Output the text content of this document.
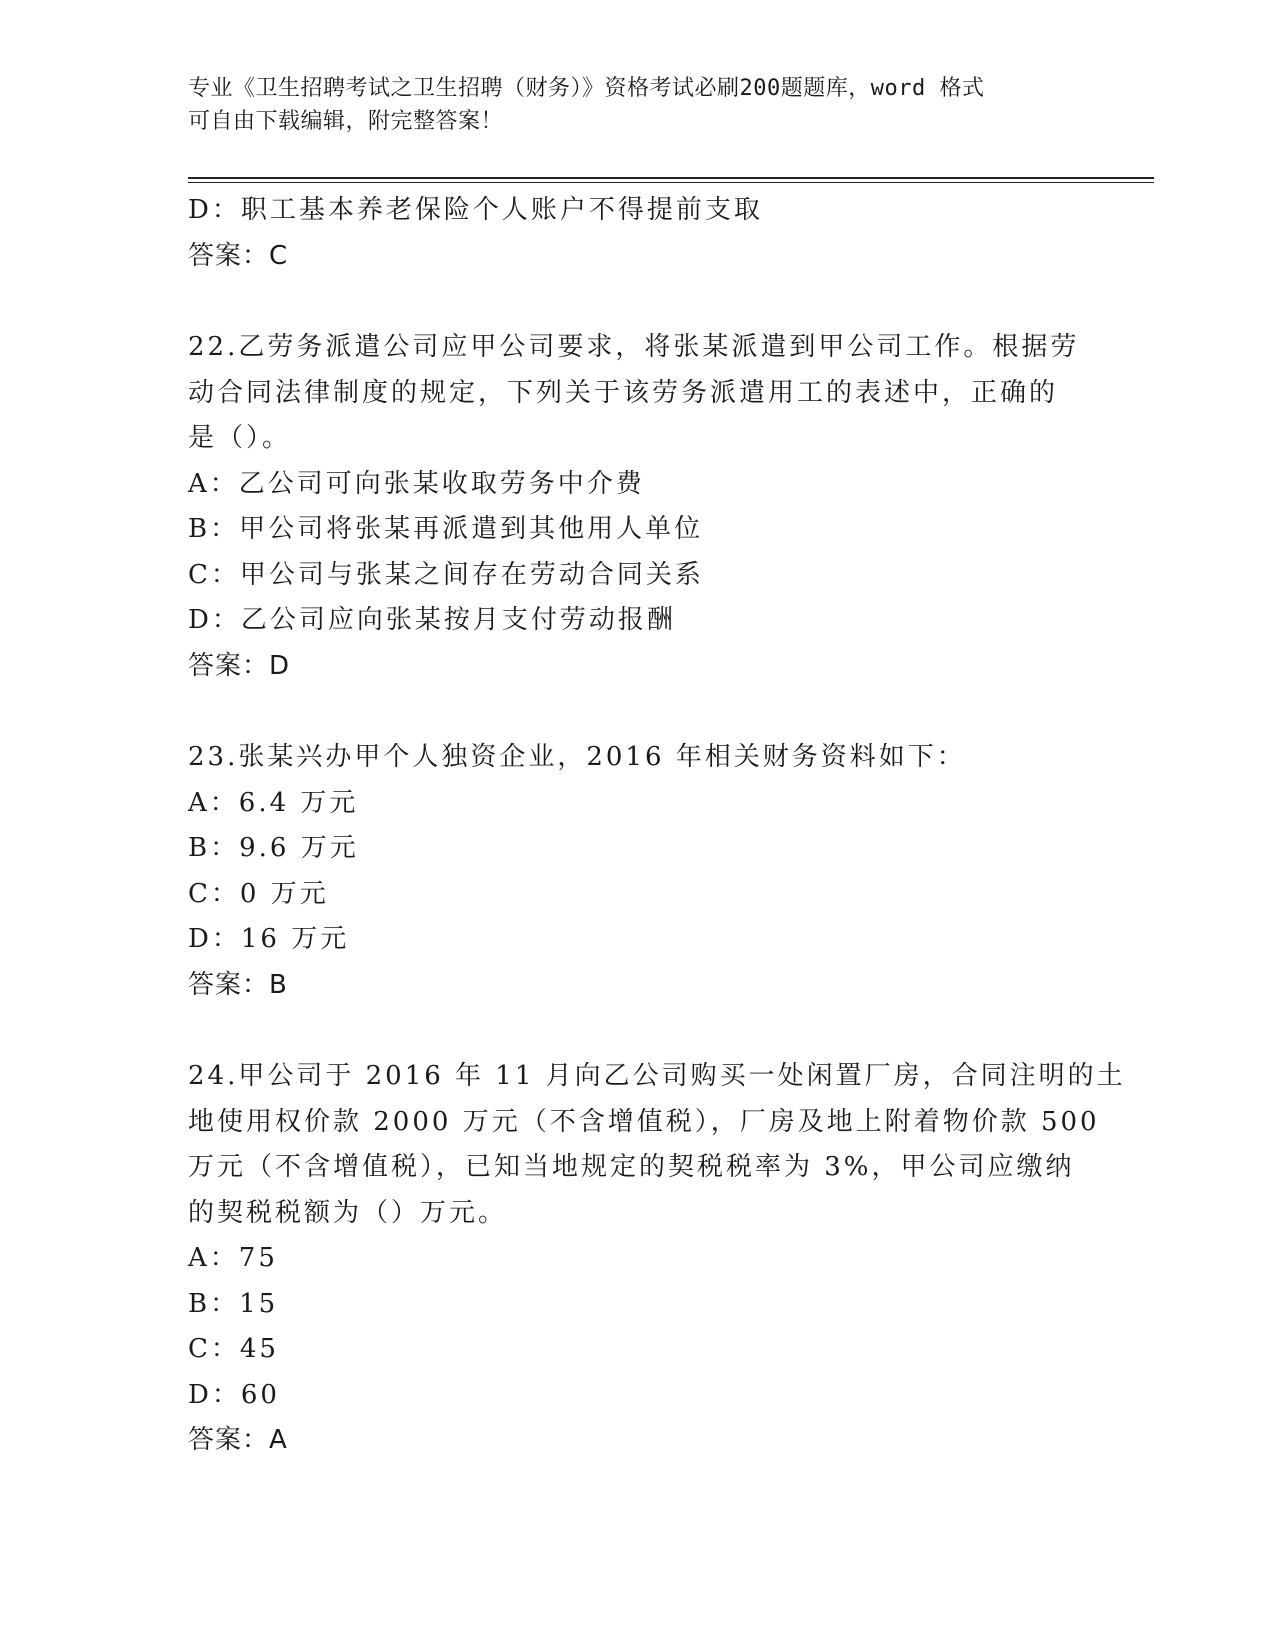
专业《卫生招聘考试之卫生招聘（财务）》资格考试必刷200题题库，word 格式
可自由下载编辑，附完整答案！
D：职工基本养老保险个人账户不得提前支取
答案：C
22.乙劳务派遣公司应甲公司要求，将张某派遣到甲公司工作。根据劳
动合同法律制度的规定，下列关于该劳务派遣用工的表述中，正确的
是（）。
A：乙公司可向张某收取劳务中介费
B：甲公司将张某再派遣到其他用人单位
C：甲公司与张某之间存在劳动合同关系
D：乙公司应向张某按月支付劳动报酬
答案：D
23.张某兴办甲个人独资企业，2016 年相关财务资料如下：
A：6.4 万元
B：9.6 万元
C：0 万元
D：16 万元
答案：B
24.甲公司于 2016 年 11 月向乙公司购买一处闲置厂房，合同注明的土
地使用权价款 2000 万元（不含增值税），厂房及地上附着物价款 500
万元（不含增值税），已知当地规定的契税税率为 3%，甲公司应缴纳
的契税税额为（）万元。
A：75
B：15
C：45
D：60
答案：A
